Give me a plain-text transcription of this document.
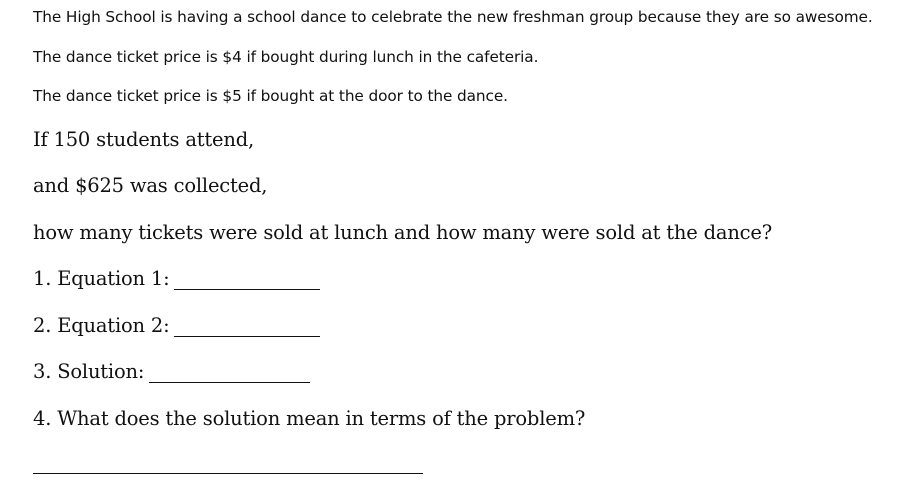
The High School is having a school dance to celebrate the new freshman group because they are so awesome.
The dance ticket price is $4 if bought during lunch in the cafeteria.
The dance ticket price is $5 if bought at the door to the dance.
If 150 students attend,
and $625 was collected,
how many tickets were sold at lunch and how many were sold at the dance?
1. Equation 1:
2. Equation 2:
3. Solution:
4. What does the solution mean in terms of the problem?
